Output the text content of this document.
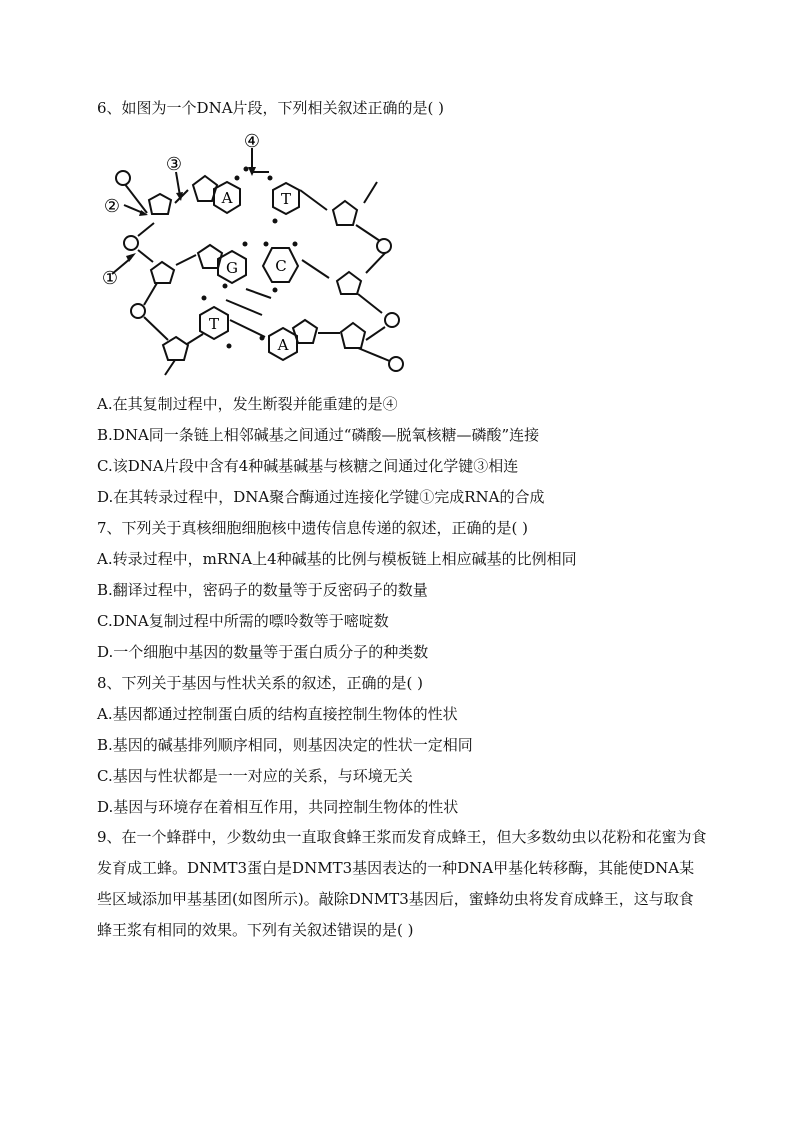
6、如图为一个DNA片段，下列相关叙述正确的是( )
③
④
②
①
A	T
G C
T
A
A.在其复制过程中，发生断裂并能重建的是④
B.DNA同一条链上相邻碱基之间通过“磷酸—脱氧核糖—磷酸”连接
C.该DNA片段中含有4种碱基碱基与核糖之间通过化学键③相连
D.在其转录过程中，DNA聚合酶通过连接化学键①完成RNA的合成
7、下列关于真核细胞细胞核中遗传信息传递的叙述，正确的是( )
A.转录过程中，mRNA上4种碱基的比例与模板链上相应碱基的比例相同
B.翻译过程中，密码子的数量等于反密码子的数量
C.DNA复制过程中所需的嘌呤数等于嘧啶数
D.一个细胞中基因的数量等于蛋白质分子的种类数
8、下列关于基因与性状关系的叙述，正确的是( )
A.基因都通过控制蛋白质的结构直接控制生物体的性状
B.基因的碱基排列顺序相同，则基因决定的性状一定相同
C.基因与性状都是一一对应的关系，与环境无关
D.基因与环境存在着相互作用，共同控制生物体的性状
9、在一个蜂群中，少数幼虫一直取食蜂王浆而发育成蜂王，但大多数幼虫以花粉和花蜜为食发育成工蜂。DNMT3蛋白是DNMT3基因表达的一种DNA甲基化转移酶，其能使DNA某些区域添加甲基基团(如图所示)。敲除DNMT3基因后，蜜蜂幼虫将发育成蜂王，这与取食蜂王浆有相同的效果。下列有关叙述错误的是( )
